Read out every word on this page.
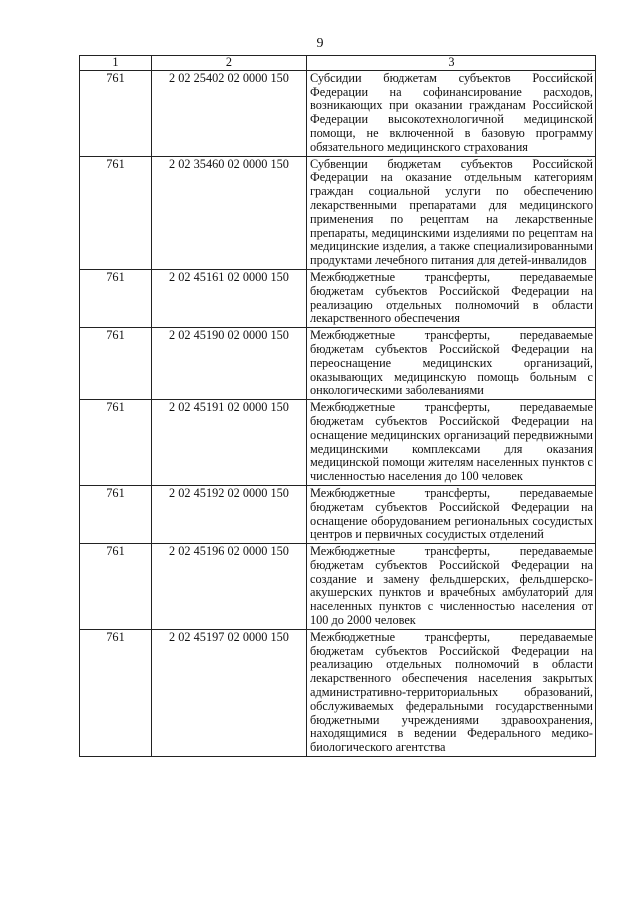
9
1	2	3
761	2 02 25402 02 0000 150	Субсидии бюджетам субъектов Российской Федерации на софинансирование расходов, возникающих при оказании гражданам Российской Федерации высокотехнологичной медицинской помощи, не включенной в базовую программу обязательного медицинского страхования
761	2 02 35460 02 0000 150	Субвенции бюджетам субъектов Российской Федерации на оказание отдельным категориям граждан социальной услуги по обеспечению лекарственными препаратами для медицинского применения по рецептам на лекарственные препараты, медицинскими изделиями по рецептам на медицинские изделия, а также специализированными продуктами лечебного питания для детей-инвалидов
761	2 02 45161 02 0000 150	Межбюджетные трансферты, передаваемые бюджетам субъектов Российской Федерации на реализацию отдельных полномочий в области лекарственного обеспечения
761	2 02 45190 02 0000 150	Межбюджетные трансферты, передаваемые бюджетам субъектов Российской Федерации на переоснащение медицинских организаций, оказывающих медицинскую помощь больным с онкологическими заболеваниями
761	2 02 45191 02 0000 150	Межбюджетные трансферты, передаваемые бюджетам субъектов Российской Федерации на оснащение медицинских организаций передвижными медицинскими комплексами для оказания медицинской помощи жителям населенных пунктов с численностью населения до 100 человек
761	2 02 45192 02 0000 150	Межбюджетные трансферты, передаваемые бюджетам субъектов Российской Федерации на оснащение оборудованием региональных сосудистых центров и первичных сосудистых отделений
761	2 02 45196 02 0000 150	Межбюджетные трансферты, передаваемые бюджетам субъектов Российской Федерации на создание и замену фельдшерских, фельдшерско-акушерских пунктов и врачебных амбулаторий для населенных пунктов с численностью населения от 100 до 2000 человек
761	2 02 45197 02 0000 150	Межбюджетные трансферты, передаваемые бюджетам субъектов Российской Федерации на реализацию отдельных полномочий в области лекарственного обеспечения населения закрытых административно-территориальных образований, обслуживаемых федеральными государственными бюджетными учреждениями здравоохранения, находящимися в ведении Федерального медико-биологического агентства
